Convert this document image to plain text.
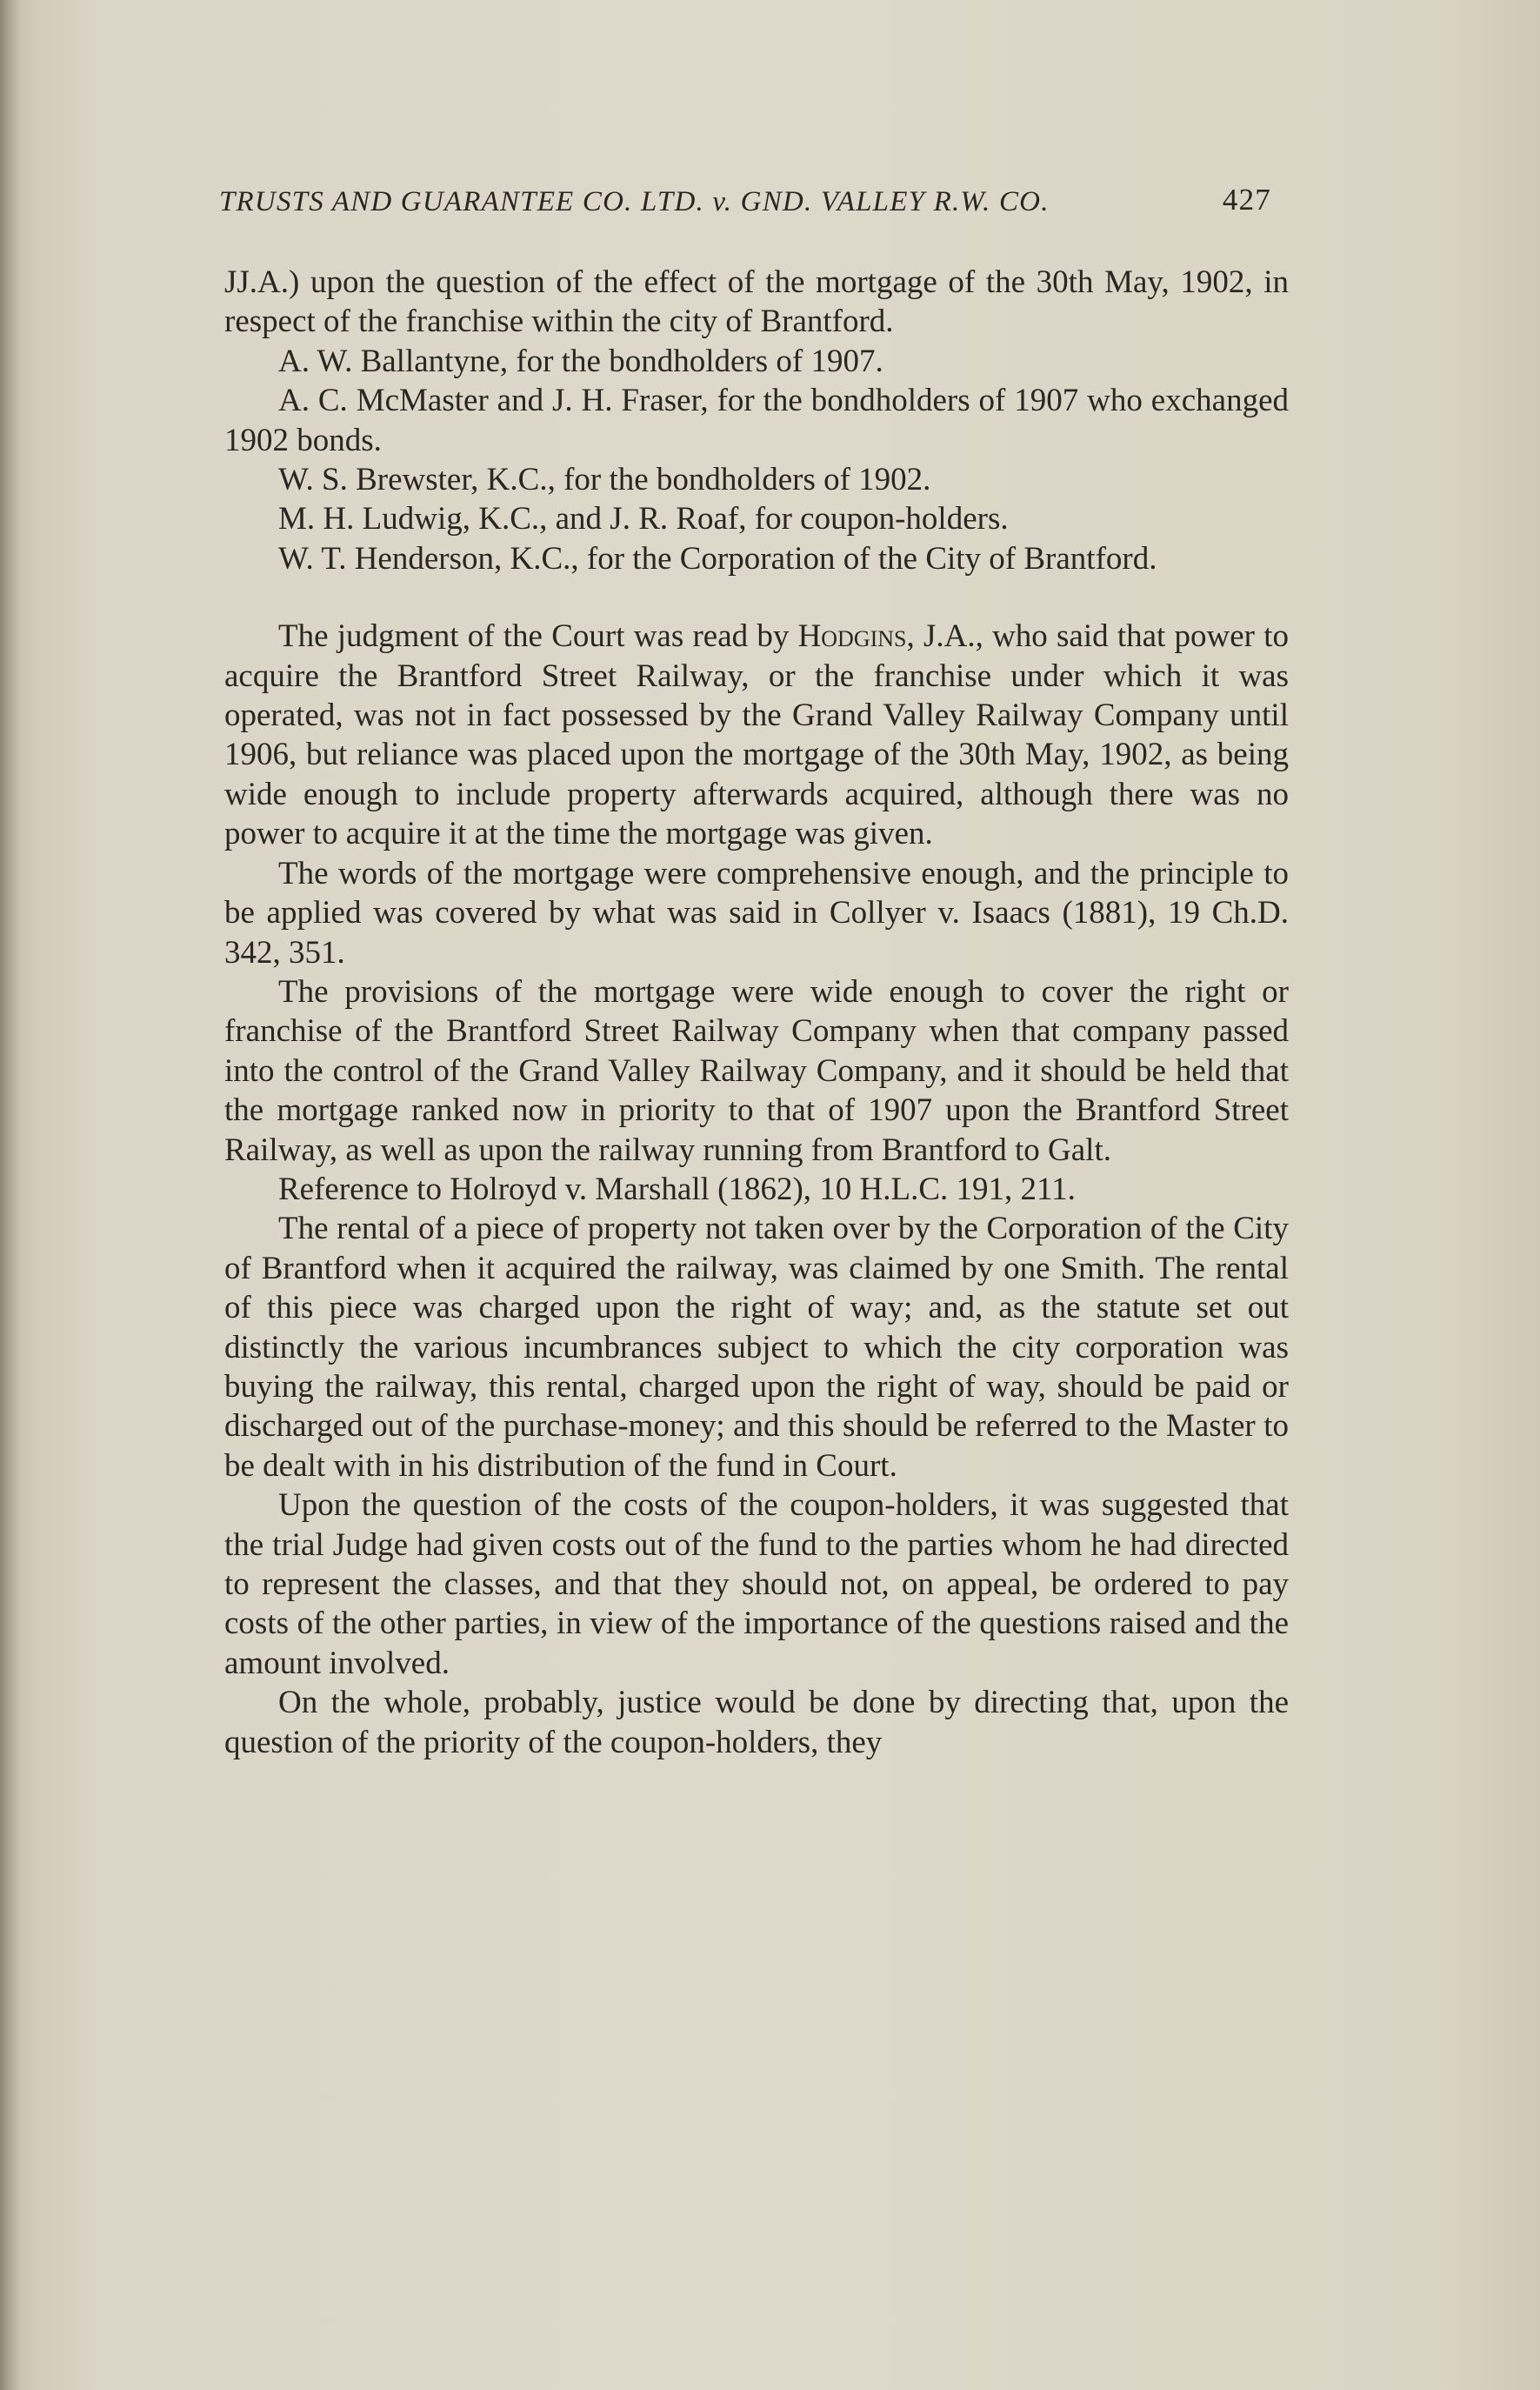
TRUSTS AND GUARANTEE CO. LTD. v. GND. VALLEY R.W. CO.	427

JJ.A.) upon the question of the effect of the mortgage of the 30th May, 1902, in respect of the franchise within the city of Brantford.

A. W. Ballantyne, for the bondholders of 1907.

A. C. McMaster and J. H. Fraser, for the bondholders of 1907 who exchanged 1902 bonds.

W. S. Brewster, K.C., for the bondholders of 1902.

M. H. Ludwig, K.C., and J. R. Roaf, for coupon-holders.

W. T. Henderson, K.C., for the Corporation of the City of Brantford.

The judgment of the Court was read by Hodgins, J.A., who said that power to acquire the Brantford Street Railway, or the franchise under which it was operated, was not in fact possessed by the Grand Valley Railway Company until 1906, but reliance was placed upon the mortgage of the 30th May, 1902, as being wide enough to include property afterwards acquired, although there was no power to acquire it at the time the mortgage was given.

The words of the mortgage were comprehensive enough, and the principle to be applied was covered by what was said in Collyer v. Isaacs (1881), 19 Ch.D. 342, 351.

The provisions of the mortgage were wide enough to cover the right or franchise of the Brantford Street Railway Company when that company passed into the control of the Grand Valley Railway Company, and it should be held that the mortgage ranked now in priority to that of 1907 upon the Brantford Street Railway, as well as upon the railway running from Brantford to Galt.

Reference to Holroyd v. Marshall (1862), 10 H.L.C. 191, 211.

The rental of a piece of property not taken over by the Corporation of the City of Brantford when it acquired the railway, was claimed by one Smith. The rental of this piece was charged upon the right of way; and, as the statute set out distinctly the various incumbrances subject to which the city corporation was buying the railway, this rental, charged upon the right of way, should be paid or discharged out of the purchase-money; and this should be referred to the Master to be dealt with in his distribution of the fund in Court.

Upon the question of the costs of the coupon-holders, it was suggested that the trial Judge had given costs out of the fund to the parties whom he had directed to represent the classes, and that they should not, on appeal, be ordered to pay costs of the other parties, in view of the importance of the questions raised and the amount involved.

On the whole, probably, justice would be done by directing that, upon the question of the priority of the coupon-holders, they
